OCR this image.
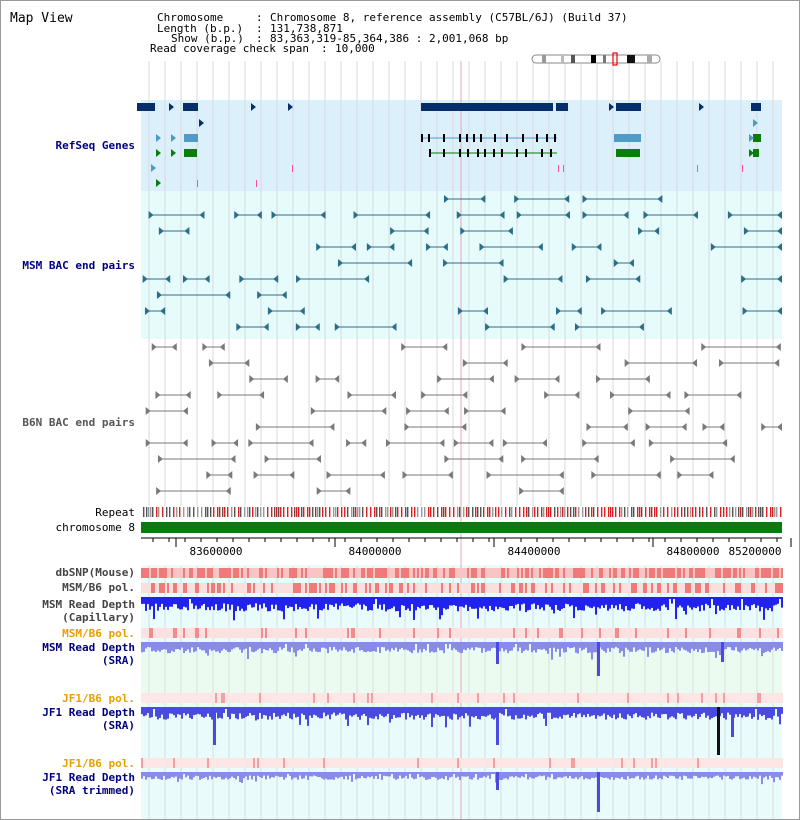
Map View	Chromosome	: Chromosome 8, reference assembly (C57BL/6J) (Build 37)
Length (b.p.) : 131,738,871
Show (b.p.) : 83,363,319-85,364,386 : 2,001,068 bp
Read coverage check span : 10,000
83600000	84000000	84400000	84800000 85200000
RefSeq Genes
MSM BAC end pairs
B6N BAC end pairs
Repeat
chromosome 8
dbSNP(Mouse)
MSM/B6 pol.
MSM Read Depth
(Capillary)
MSM/B6 pol.
MSM Read Depth
(SRA)
JF1/B6 pol.
JF1 Read Depth
(SRA)
JF1/B6 pol.
JF1 Read Depth
(SRA trimmed)
